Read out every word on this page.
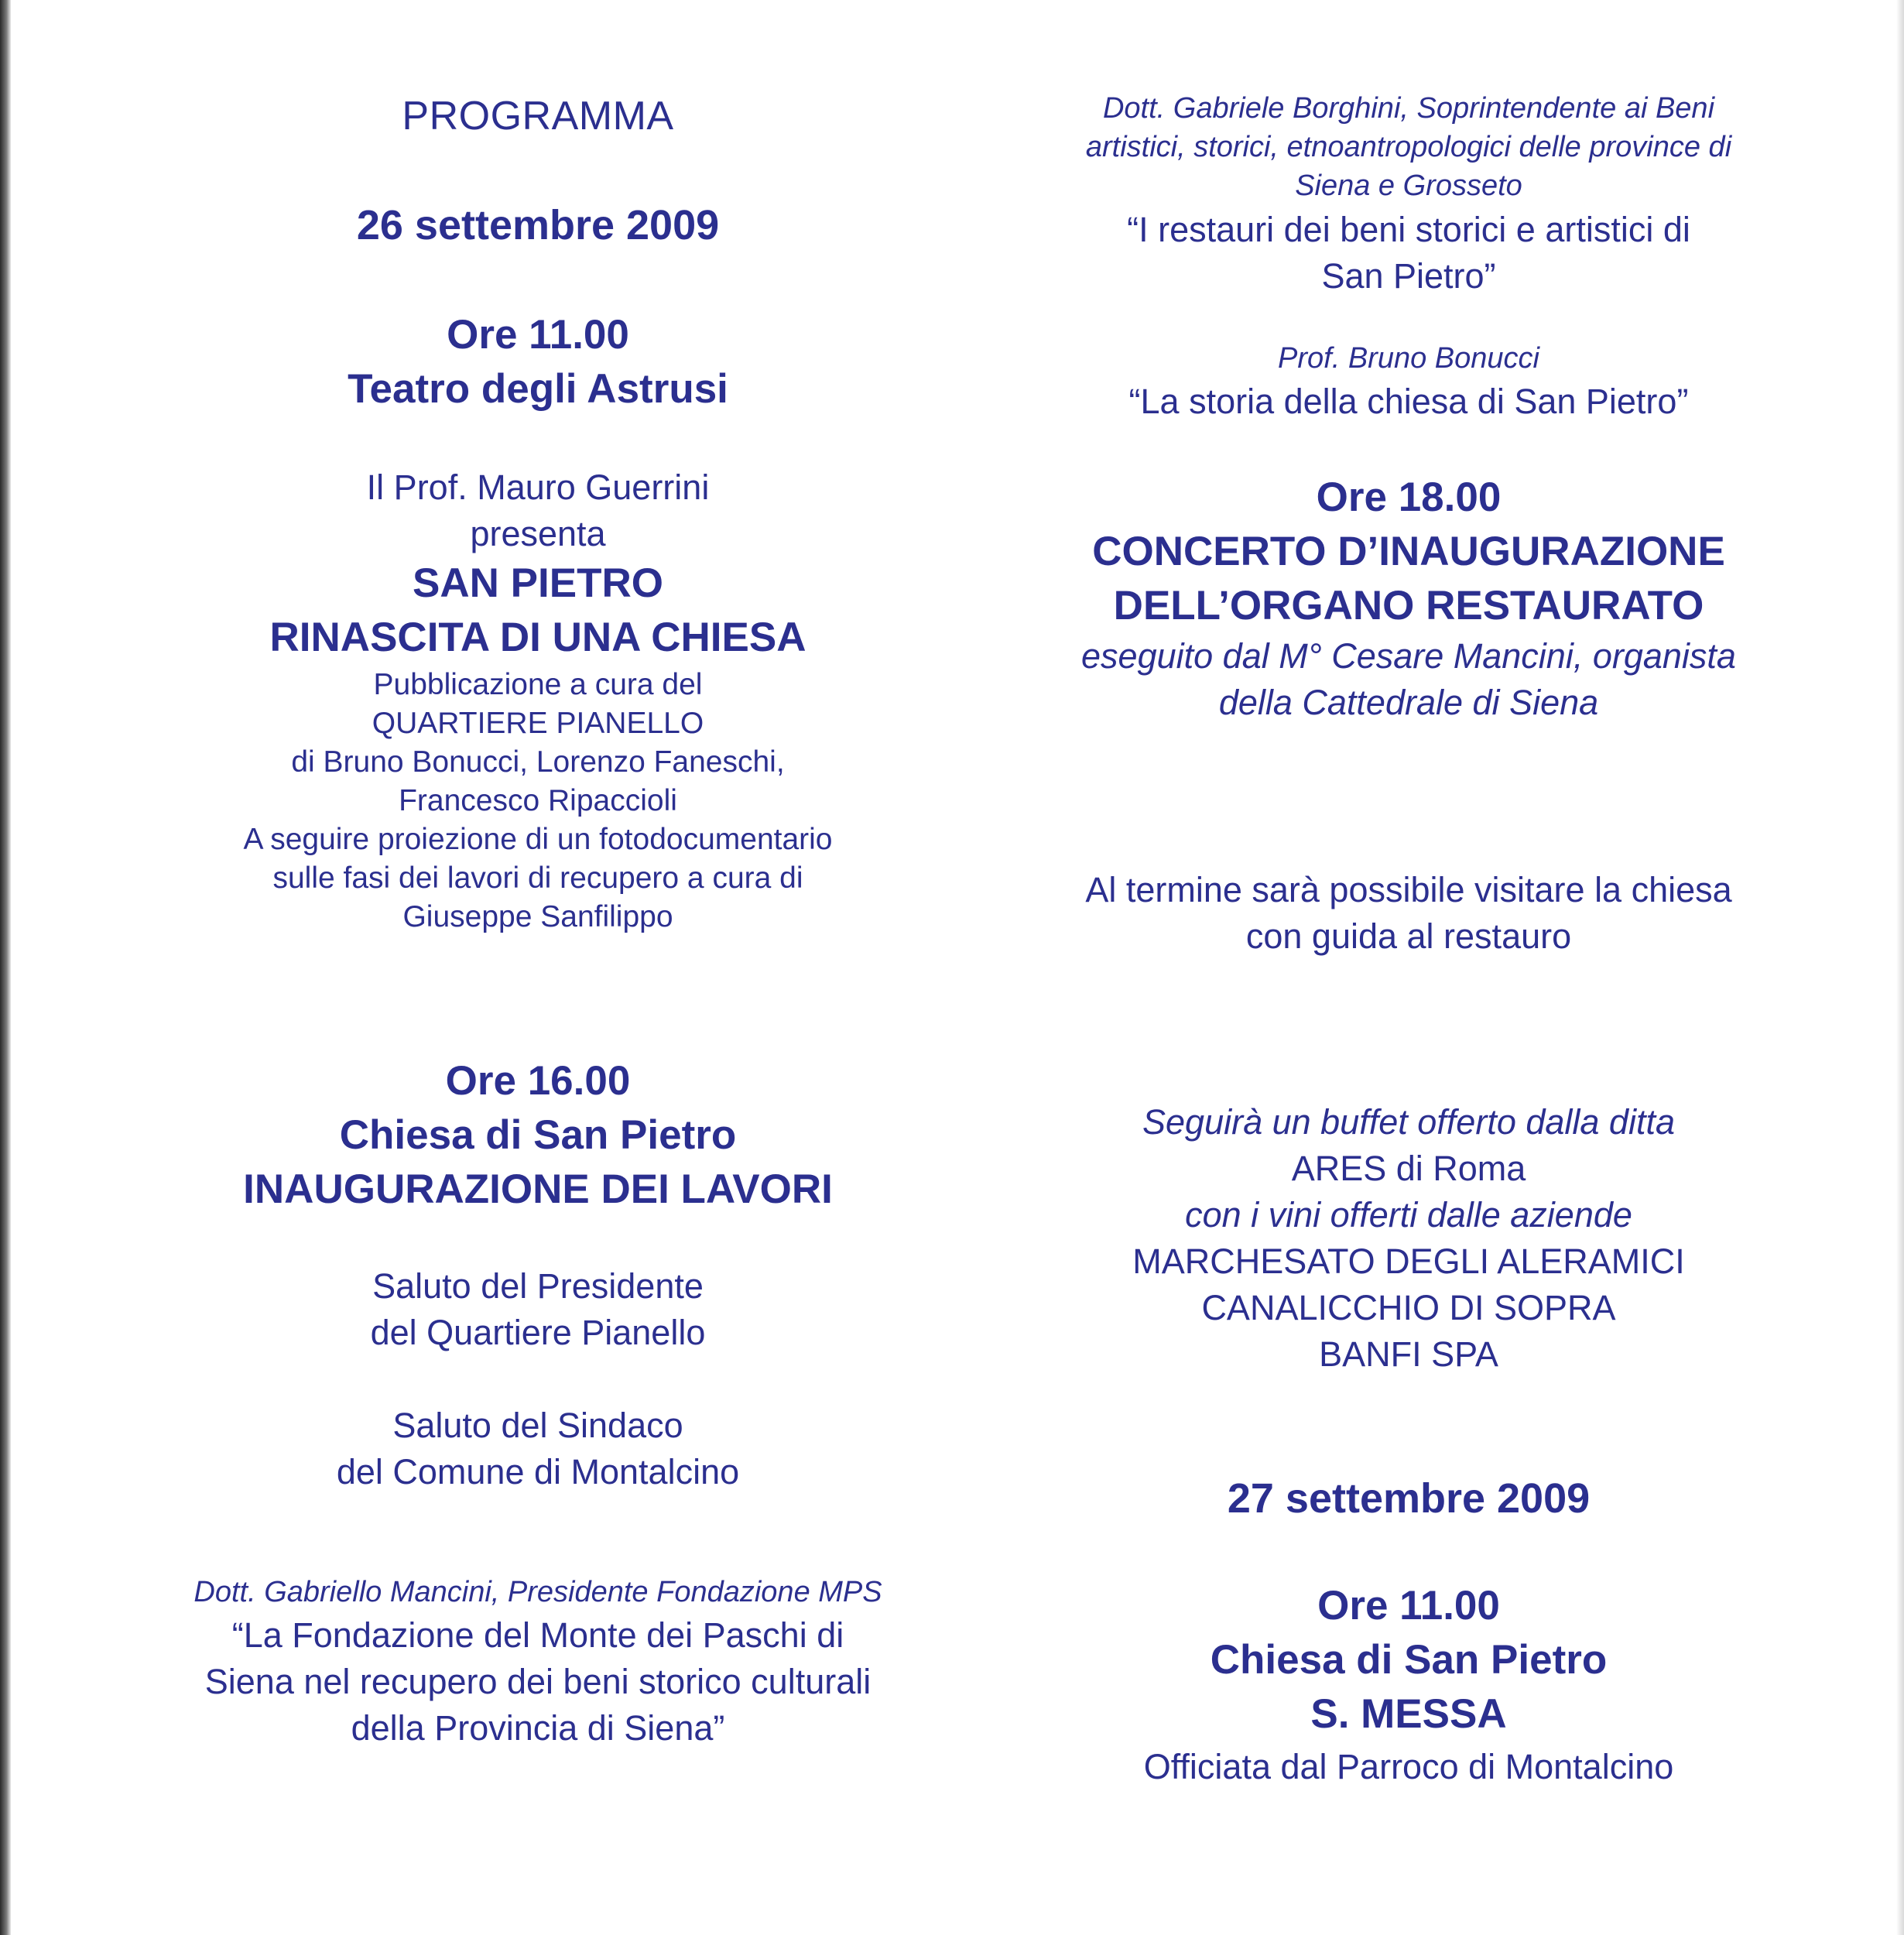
PROGRAMMA
26 settembre 2009
Ore 11.00
Teatro degli Astrusi
Il Prof. Mauro Guerrini
presenta
SAN PIETRO
RINASCITA DI UNA CHIESA
Pubblicazione a cura del
QUARTIERE PIANELLO
di Bruno Bonucci, Lorenzo Faneschi,
Francesco Ripaccioli
A seguire proiezione di un fotodocumentario
sulle fasi dei lavori di recupero a cura di
Giuseppe Sanfilippo
Ore 16.00
Chiesa di San Pietro
INAUGURAZIONE DEI LAVORI
Saluto del Presidente
del Quartiere Pianello
Saluto del Sindaco
del Comune di Montalcino
Dott. Gabriello Mancini, Presidente Fondazione MPS
“La Fondazione del Monte dei Paschi di
Siena nel recupero dei beni storico culturali
della Provincia di Siena”
Dott. Gabriele Borghini, Soprintendente ai Beni
artistici, storici, etnoantropologici delle province di
Siena e Grosseto
“I restauri dei beni storici e artistici di
San Pietro”
Prof. Bruno Bonucci
“La storia della chiesa di San Pietro”
Ore 18.00
CONCERTO D’INAUGURAZIONE
DELL’ORGANO RESTAURATO
eseguito dal M° Cesare Mancini, organista
della Cattedrale di Siena
Al termine sarà possibile visitare la chiesa
con guida al restauro
Seguirà un buffet offerto dalla ditta
ARES di Roma
con i vini offerti dalle aziende
MARCHESATO DEGLI ALERAMICI
CANALICCHIO DI SOPRA
BANFI SPA
27 settembre 2009
Ore 11.00
Chiesa di San Pietro
S. MESSA
Officiata dal Parroco di Montalcino
